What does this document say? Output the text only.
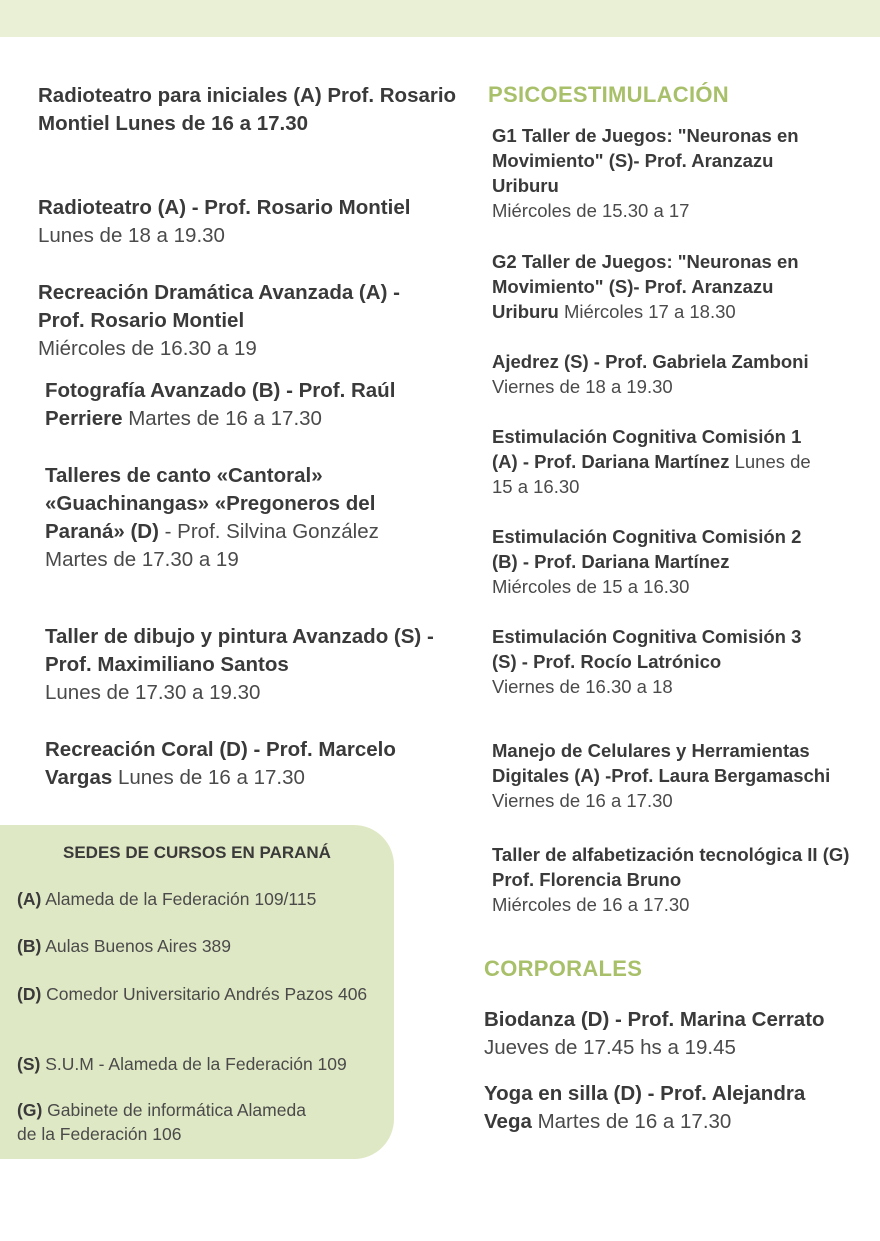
Radioteatro para iniciales (A) Prof. Rosario Montiel Lunes de 16 a 17.30
Radioteatro (A) - Prof. Rosario Montiel
Lunes de 18 a 19.30
Recreación Dramática Avanzada (A) - Prof. Rosario Montiel
Miércoles de 16.30 a 19
Fotografía Avanzado (B) - Prof. Raúl Perriere Martes de 16 a 17.30
Talleres de canto «Cantoral» «Guachinangas» «Pregoneros del Paraná» (D) - Prof. Silvina González Martes de 17.30 a 19
Taller de dibujo y pintura Avanzado (S) - Prof. Maximiliano Santos
Lunes de 17.30 a 19.30
Recreación Coral (D) - Prof. Marcelo Vargas Lunes de 16 a 17.30
SEDES DE CURSOS EN PARANÁ
(A) Alameda de la Federación 109/115
(B) Aulas Buenos Aires 389
(D) Comedor Universitario Andrés Pazos 406
(S) S.U.M - Alameda de la Federación 109
(G) Gabinete de informática Alameda de la Federación 106
PSICOESTIMULACIÓN
G1 Taller de Juegos: "Neuronas en Movimiento" (S)- Prof. Aranzazu Uriburu
Miércoles de 15.30 a 17
G2 Taller de Juegos: "Neuronas en Movimiento" (S)- Prof. Aranzazu Uriburu Miércoles 17 a 18.30
Ajedrez (S) - Prof. Gabriela Zamboni
Viernes de 18 a 19.30
Estimulación Cognitiva Comisión 1 (A) - Prof. Dariana Martínez Lunes de 15 a 16.30
Estimulación Cognitiva Comisión 2 (B) - Prof. Dariana Martínez
Miércoles de 15 a 16.30
Estimulación Cognitiva Comisión 3 (S) - Prof. Rocío Latrónico
Viernes de 16.30 a 18
Manejo de Celulares y Herramientas Digitales (A) -Prof. Laura Bergamaschi
Viernes de 16 a 17.30
Taller de alfabetización tecnológica II (G) Prof. Florencia Bruno
Miércoles de 16 a 17.30
CORPORALES
Biodanza (D) - Prof. Marina Cerrato
Jueves de 17.45 hs a 19.45
Yoga en silla (D) - Prof. Alejandra Vega Martes de 16 a 17.30
